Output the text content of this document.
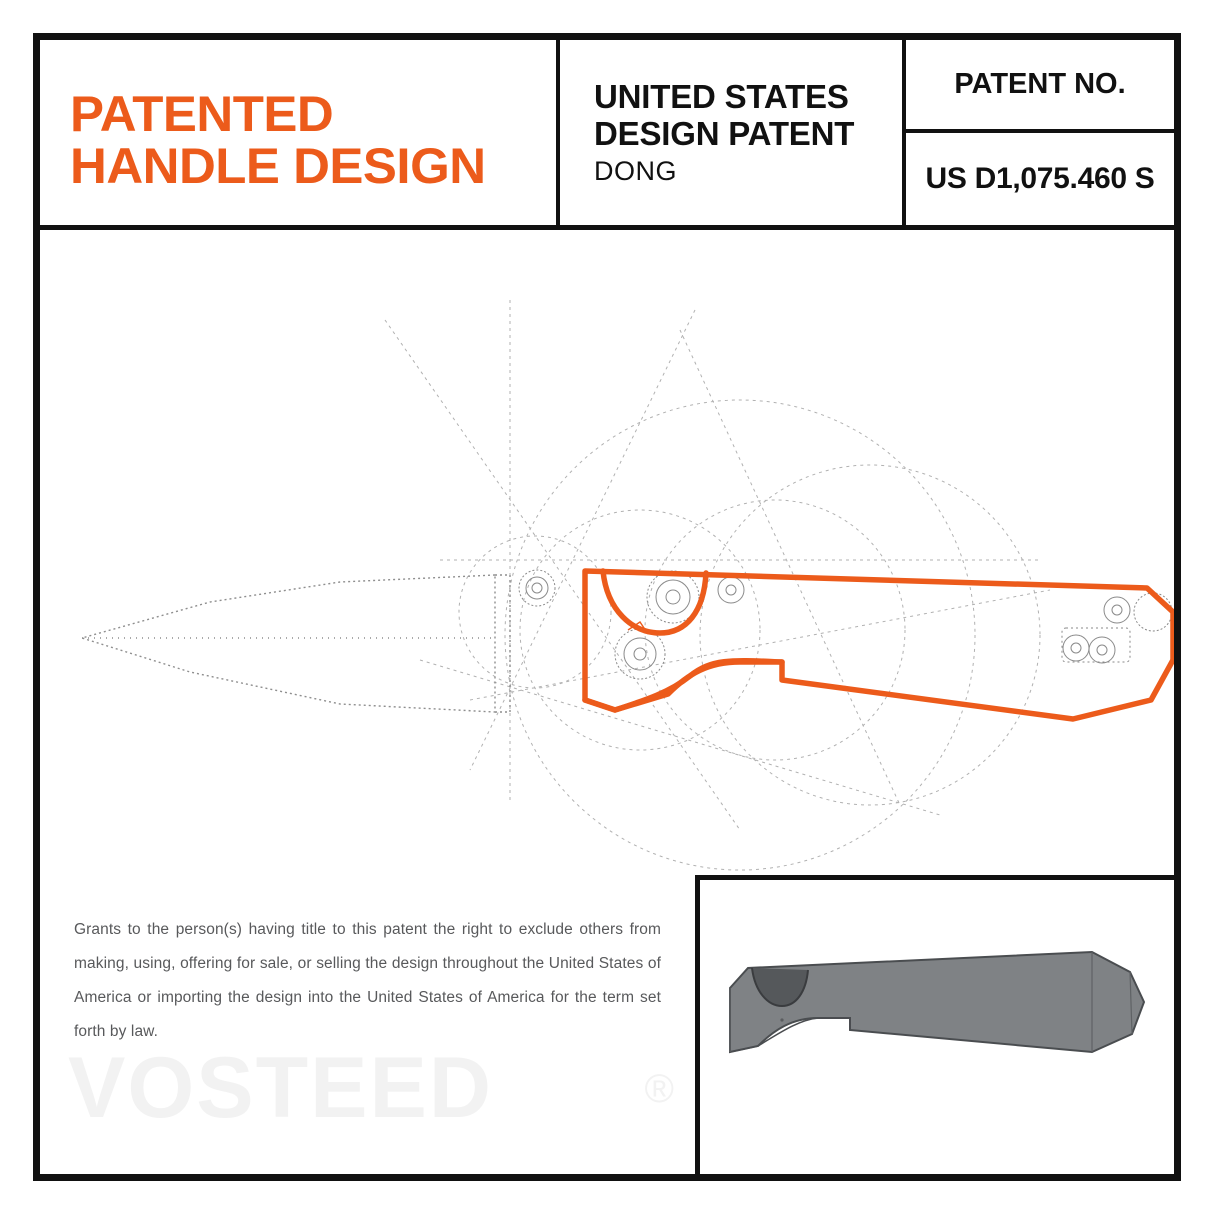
PATENTED
HANDLE DESIGN
UNITED STATES
DESIGN PATENT
DONG
PATENT NO.
US D1,075.460 S

Grants to the person(s) having title to this patent the right to exclude others from making, using, offering for sale, or selling the design throughout the United States of America or importing the design into the United States of America for the term set forth by law.

VOSTEED	®
